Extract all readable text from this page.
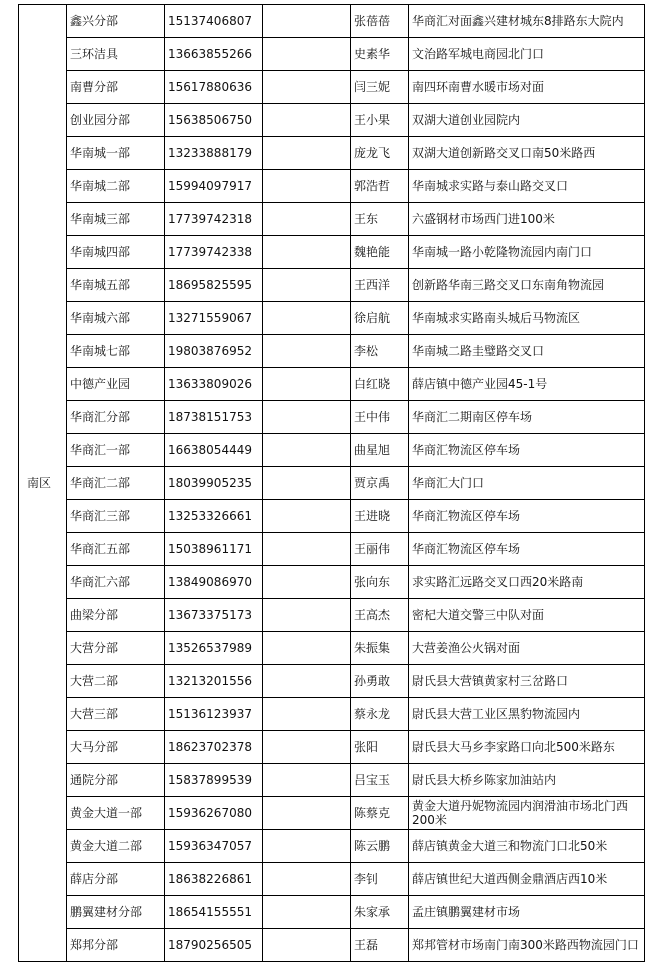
南区	鑫兴分部	15137406807		张蓓蓓	华商汇对面鑫兴建材城东8排路东大院内
	三环洁具	13663855266		史素华	文治路军城电商园北门口
	南曹分部	15617880636		闫三妮	南四环南曹水暖市场对面
	创业园分部	15638506750		王小果	双湖大道创业园院内
	华南城一部	13233888179		庞龙飞	双湖大道创新路交叉口南50米路西
	华南城二部	15994097917		郭浩哲	华南城求实路与泰山路交叉口
	华南城三部	17739742318		王东	六盛钢材市场西门进100米
	华南城四部	17739742338		魏艳能	华南城一路小乾隆物流园内南门口
	华南城五部	18695825595		王西洋	创新路华南三路交叉口东南角物流园
	华南城六部	13271559067		徐启航	华南城求实路南头城后马物流区
	华南城七部	19803876952		李松	华南城二路圭璧路交叉口
	中德产业园	13633809026		白红晓	薛店镇中德产业园45-1号
	华商汇分部	18738151753		王中伟	华商汇二期南区停车场
	华商汇一部	16638054449		曲星旭	华商汇物流区停车场
	华商汇二部	18039905235		贾京禹	华商汇大门口
	华商汇三部	13253326661		王进晓	华商汇物流区停车场
	华商汇五部	15038961171		王丽伟	华商汇物流区停车场
	华商汇六部	13849086970		张向东	求实路汇远路交叉口西20米路南
	曲梁分部	13673375173		王高杰	密杞大道交警三中队对面
	大营分部	13526537989		朱振集	大营姜渔公火锅对面
	大营二部	13213201556		孙勇敢	尉氏县大营镇黄家村三岔路口
	大营三部	15136123937		蔡永龙	尉氏县大营工业区黑豹物流园内
	大马分部	18623702378		张阳	尉氏县大马乡李家路口向北500米路东
	通院分部	15837899539		吕宝玉	尉氏县大桥乡陈家加油站内
	黄金大道一部	15936267080		陈蔡克	黄金大道丹妮物流园内润滑油市场北门西200米
	黄金大道二部	15936347057		陈云鹏	薛店镇黄金大道三和物流门口北50米
	薛店分部	18638226861		李钊	薛店镇世纪大道西侧金鼎酒店西10米
	鹏翼建材分部	18654155551		朱家承	孟庄镇鹏翼建材市场
	郑邦分部	18790256505		王磊	郑邦管材市场南门南300米路西物流园门口
